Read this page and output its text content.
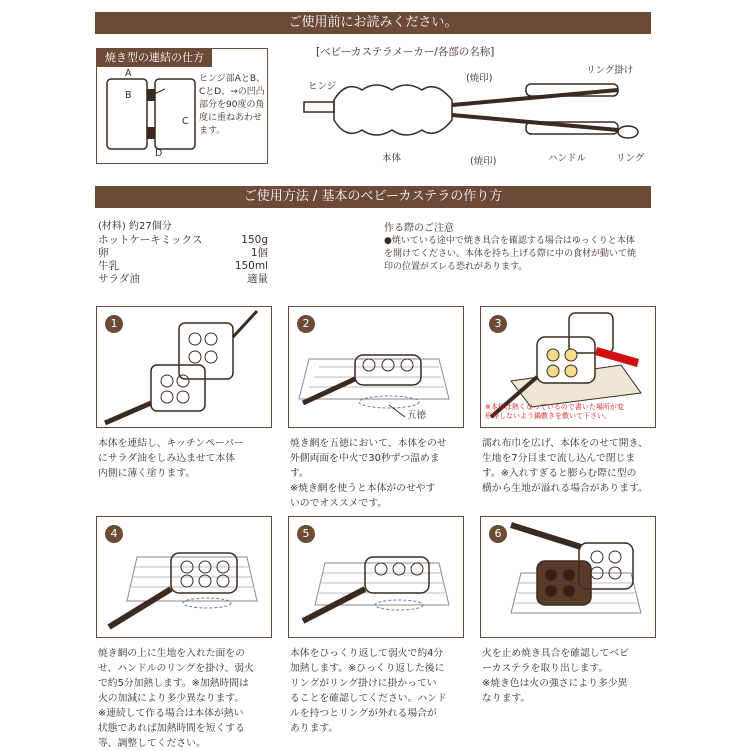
ご使用前にお読みください。
焼き型の連結の仕方
A
B
C
D
ヒンジ部AとB、
CとD、→の凹凸
部分を90度の角
度に重ねあわせ
ます。
[ベビーカステラメーカー/各部の名称]
ヒンジ
(焼印)
リング掛け
本体	(焼印)	ハンドル	リング
ご使用方法 / 基本のベビーカステラの作り方
(材料) 約27個分
ホットケーキミックス	150g
卵	1個
牛乳	150ml
サラダ油	適量
作る際のご注意
●焼いている途中で焼き具合を確認する場合はゆっくりと本体
を開けてください。本体を持ち上げる際に中の食材が動いて焼
印の位置がズレる恐れがあります。
1
本体を連結し、キッチンペーパー
にサラダ油をしみ込ませて本体
内側に薄く塗ります。
2
五徳
焼き網を五徳において、本体をのせ
外側両面を中火で30秒ずつ温めま
す。
※焼き網を使うと本体がのせやす
いのでオススメです。
3
※本体は熱くなっているので書いた場所が変
形等しないよう鍋敷きを敷いて下さい。
濡れ布巾を広げ、本体をのせて開き、
生地を7分目まで流し込んで閉じま
す。※入れすぎると膨らむ際に型の
横から生地が溢れる場合があります。
4
焼き網の上に生地を入れた面をの
せ、ハンドルのリングを掛け、弱火
で約5分加熱します。※加熱時間は
火の加減により多少異なります。
※連続して作る場合は本体が熱い
状態であれば加熱時間を短くする
等、調整してください。
5
本体をひっくり返して弱火で約4分
加熱します。※ひっくり返した後に
リングがリング掛けに掛かってい
ることを確認してください。ハンド
ルを持つとリングが外れる場合が
あります。
6
火を止め焼き具合を確認してベビ
ーカステラを取り出します。
※焼き色は火の強さにより多少異
なります。
